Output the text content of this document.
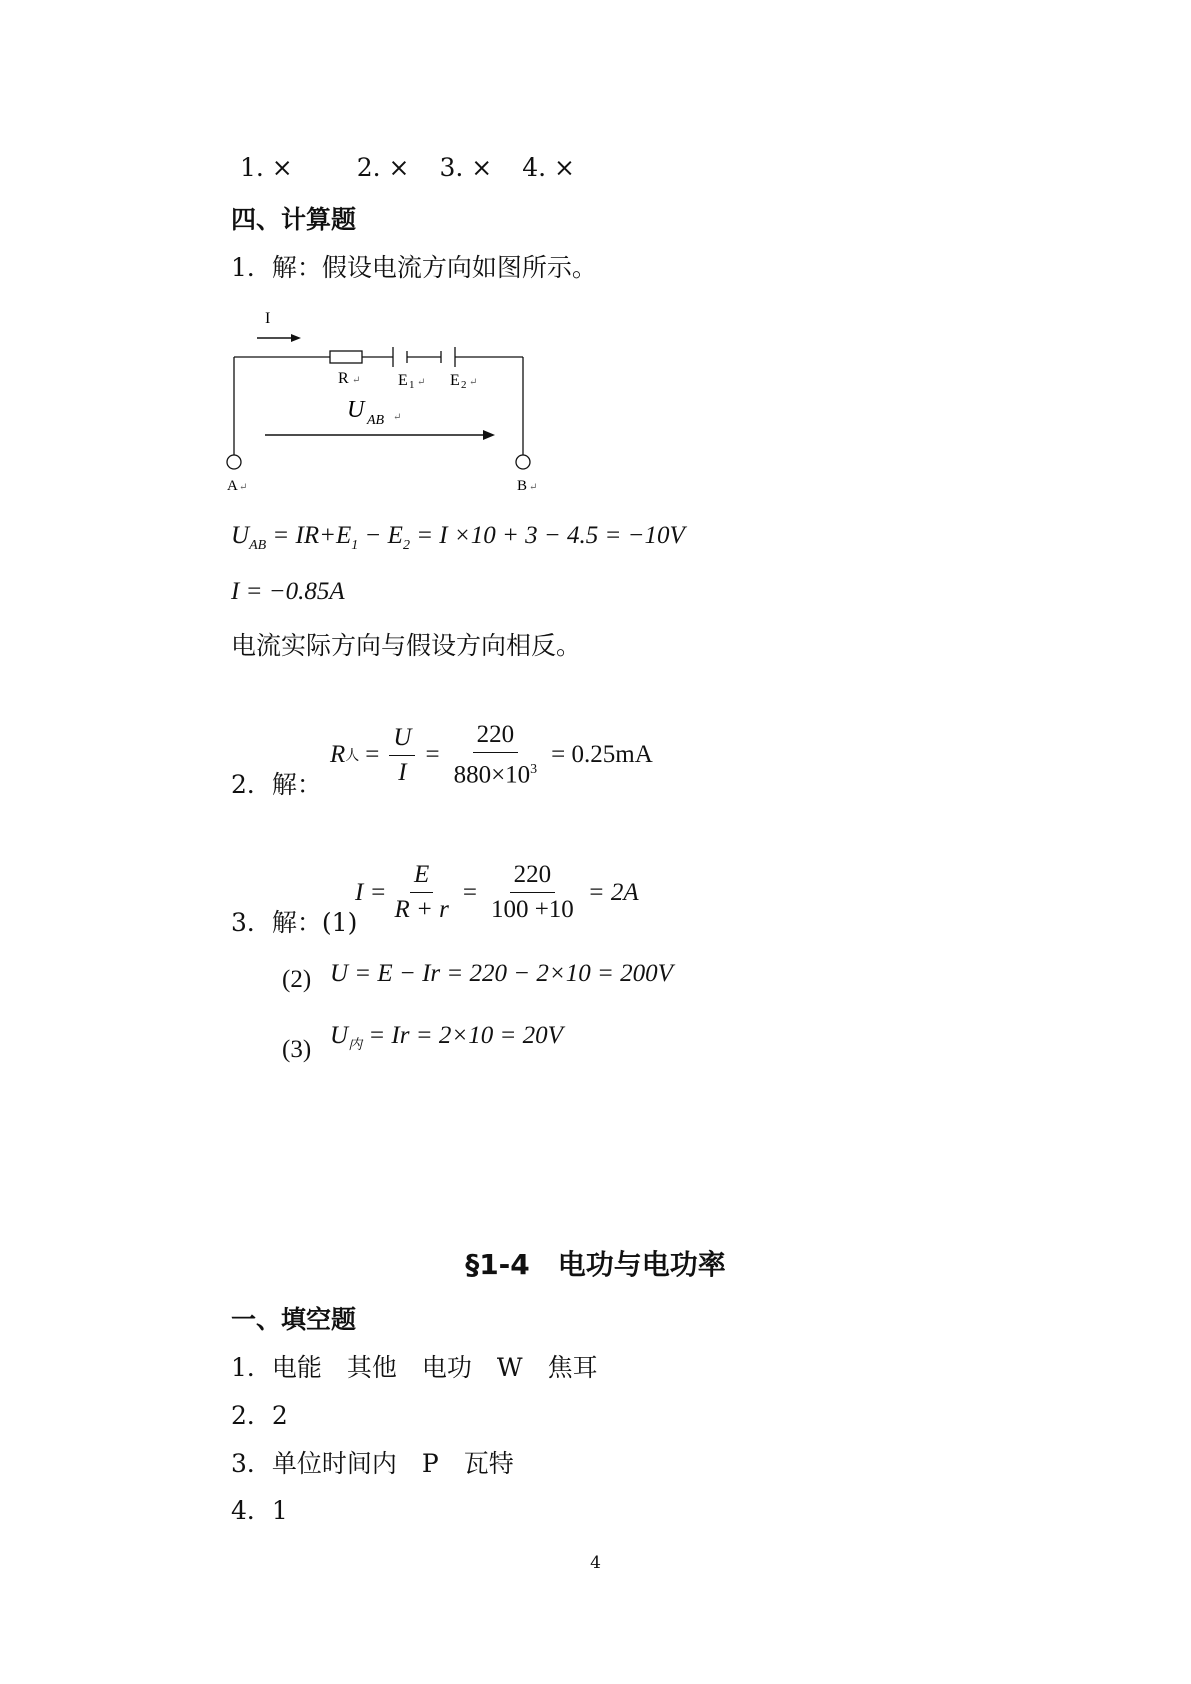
1. ×	2. × 3. × 4. ×
四、计算题
1．解：假设电流方向如图所示。
I
R ↵ E 1 ↵ E 2 ↵
U AB ↵
A ↵	B ↵
$U_{AB} = IR+E_1 - E_2 = I \times 10 + 3 - 4.5 = -10V$
I = −0.85A
电流实际方向与假设方向相反。
2．解：
R 人 = $\frac{U}{I} = \frac{220}{880\times 10^3} = 0.25mA$
3．解：(1)
$I = \frac{E}{R + r} = \frac{220}{100 +10} = 2A$
(2) U = E − Ir = 220 − 2×10 = 200V
(3)
$U_内 = Ir = 2\times 10 = 20V$
§1-4　电功与电功率
一、填空题
1．电能　其他　电功　W　焦耳
2．2
3．单位时间内　P　瓦特
4．1
4
